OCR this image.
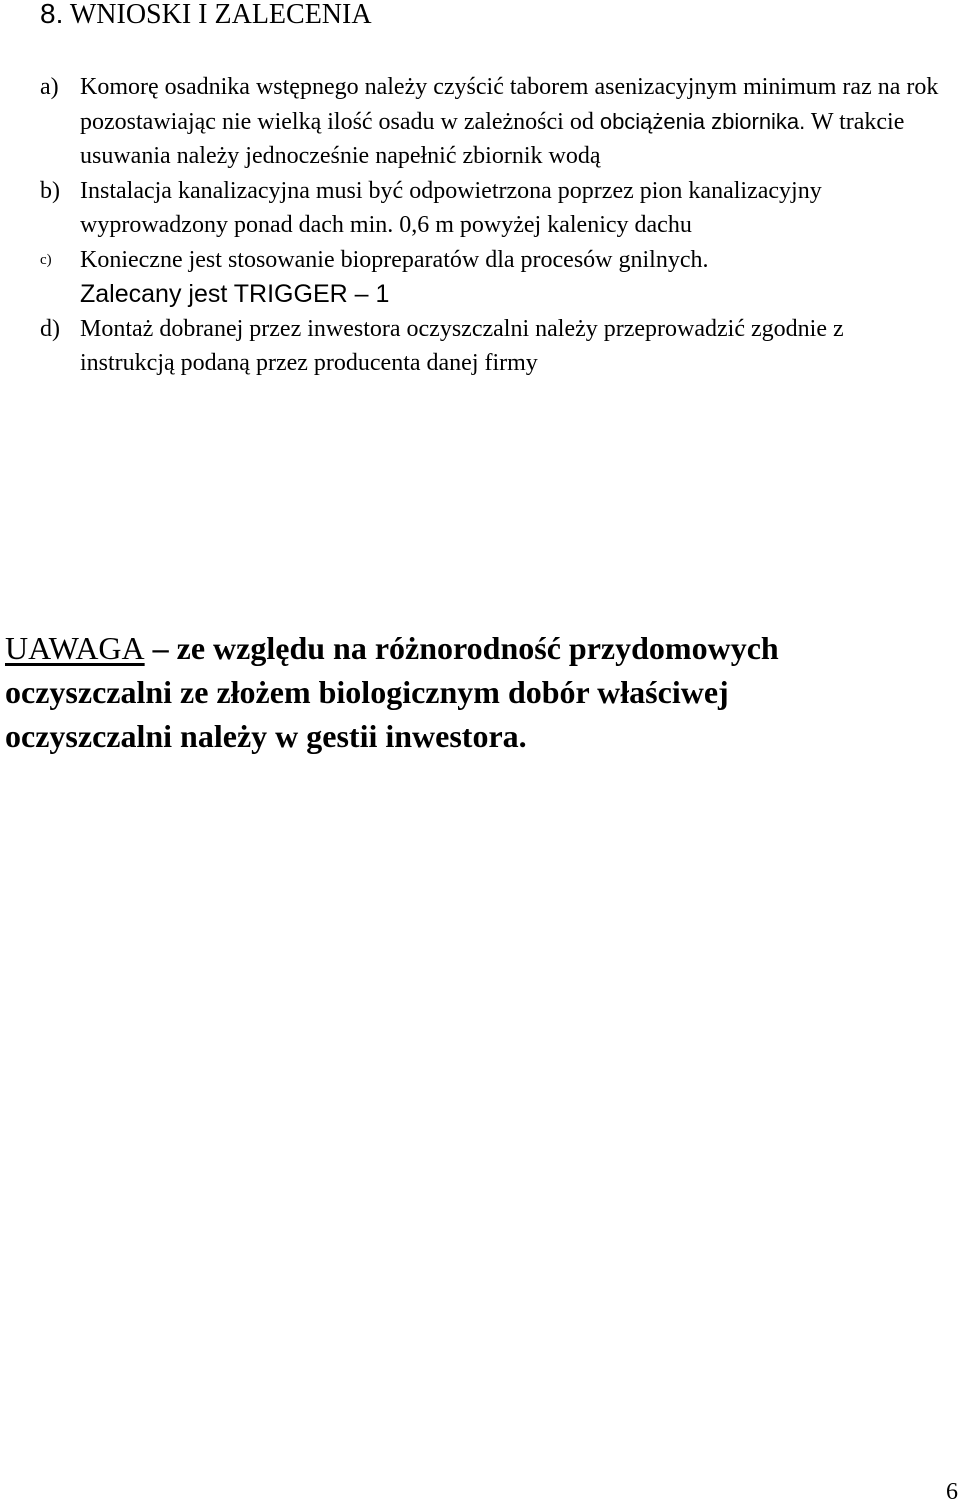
8. WNIOSKI I ZALECENIA
a) Komorę osadnika wstępnego należy czyścić taborem asenizacyjnym minimum raz na rok pozostawiając nie wielką ilość osadu w zależności od obciążenia zbiornika. W trakcie usuwania należy jednocześnie napełnić zbiornik wodą
b) Instalacja kanalizacyjna musi być odpowietrzona poprzez pion kanalizacyjny wyprowadzony ponad dach min. 0,6 m powyżej kalenicy dachu
c) Konieczne jest stosowanie biopreparatów dla procesów gnilnych.
Zalecany jest TRIGGER – 1
d) Montaż dobranej przez inwestora oczyszczalni należy przeprowadzić zgodnie z instrukcją podaną przez producenta danej firmy
UAWAGA – ze względu na różnorodność przydomowych
oczyszczalni ze złożem biologicznym dobór właściwej
oczyszczalni należy w gestii inwestora.
6
